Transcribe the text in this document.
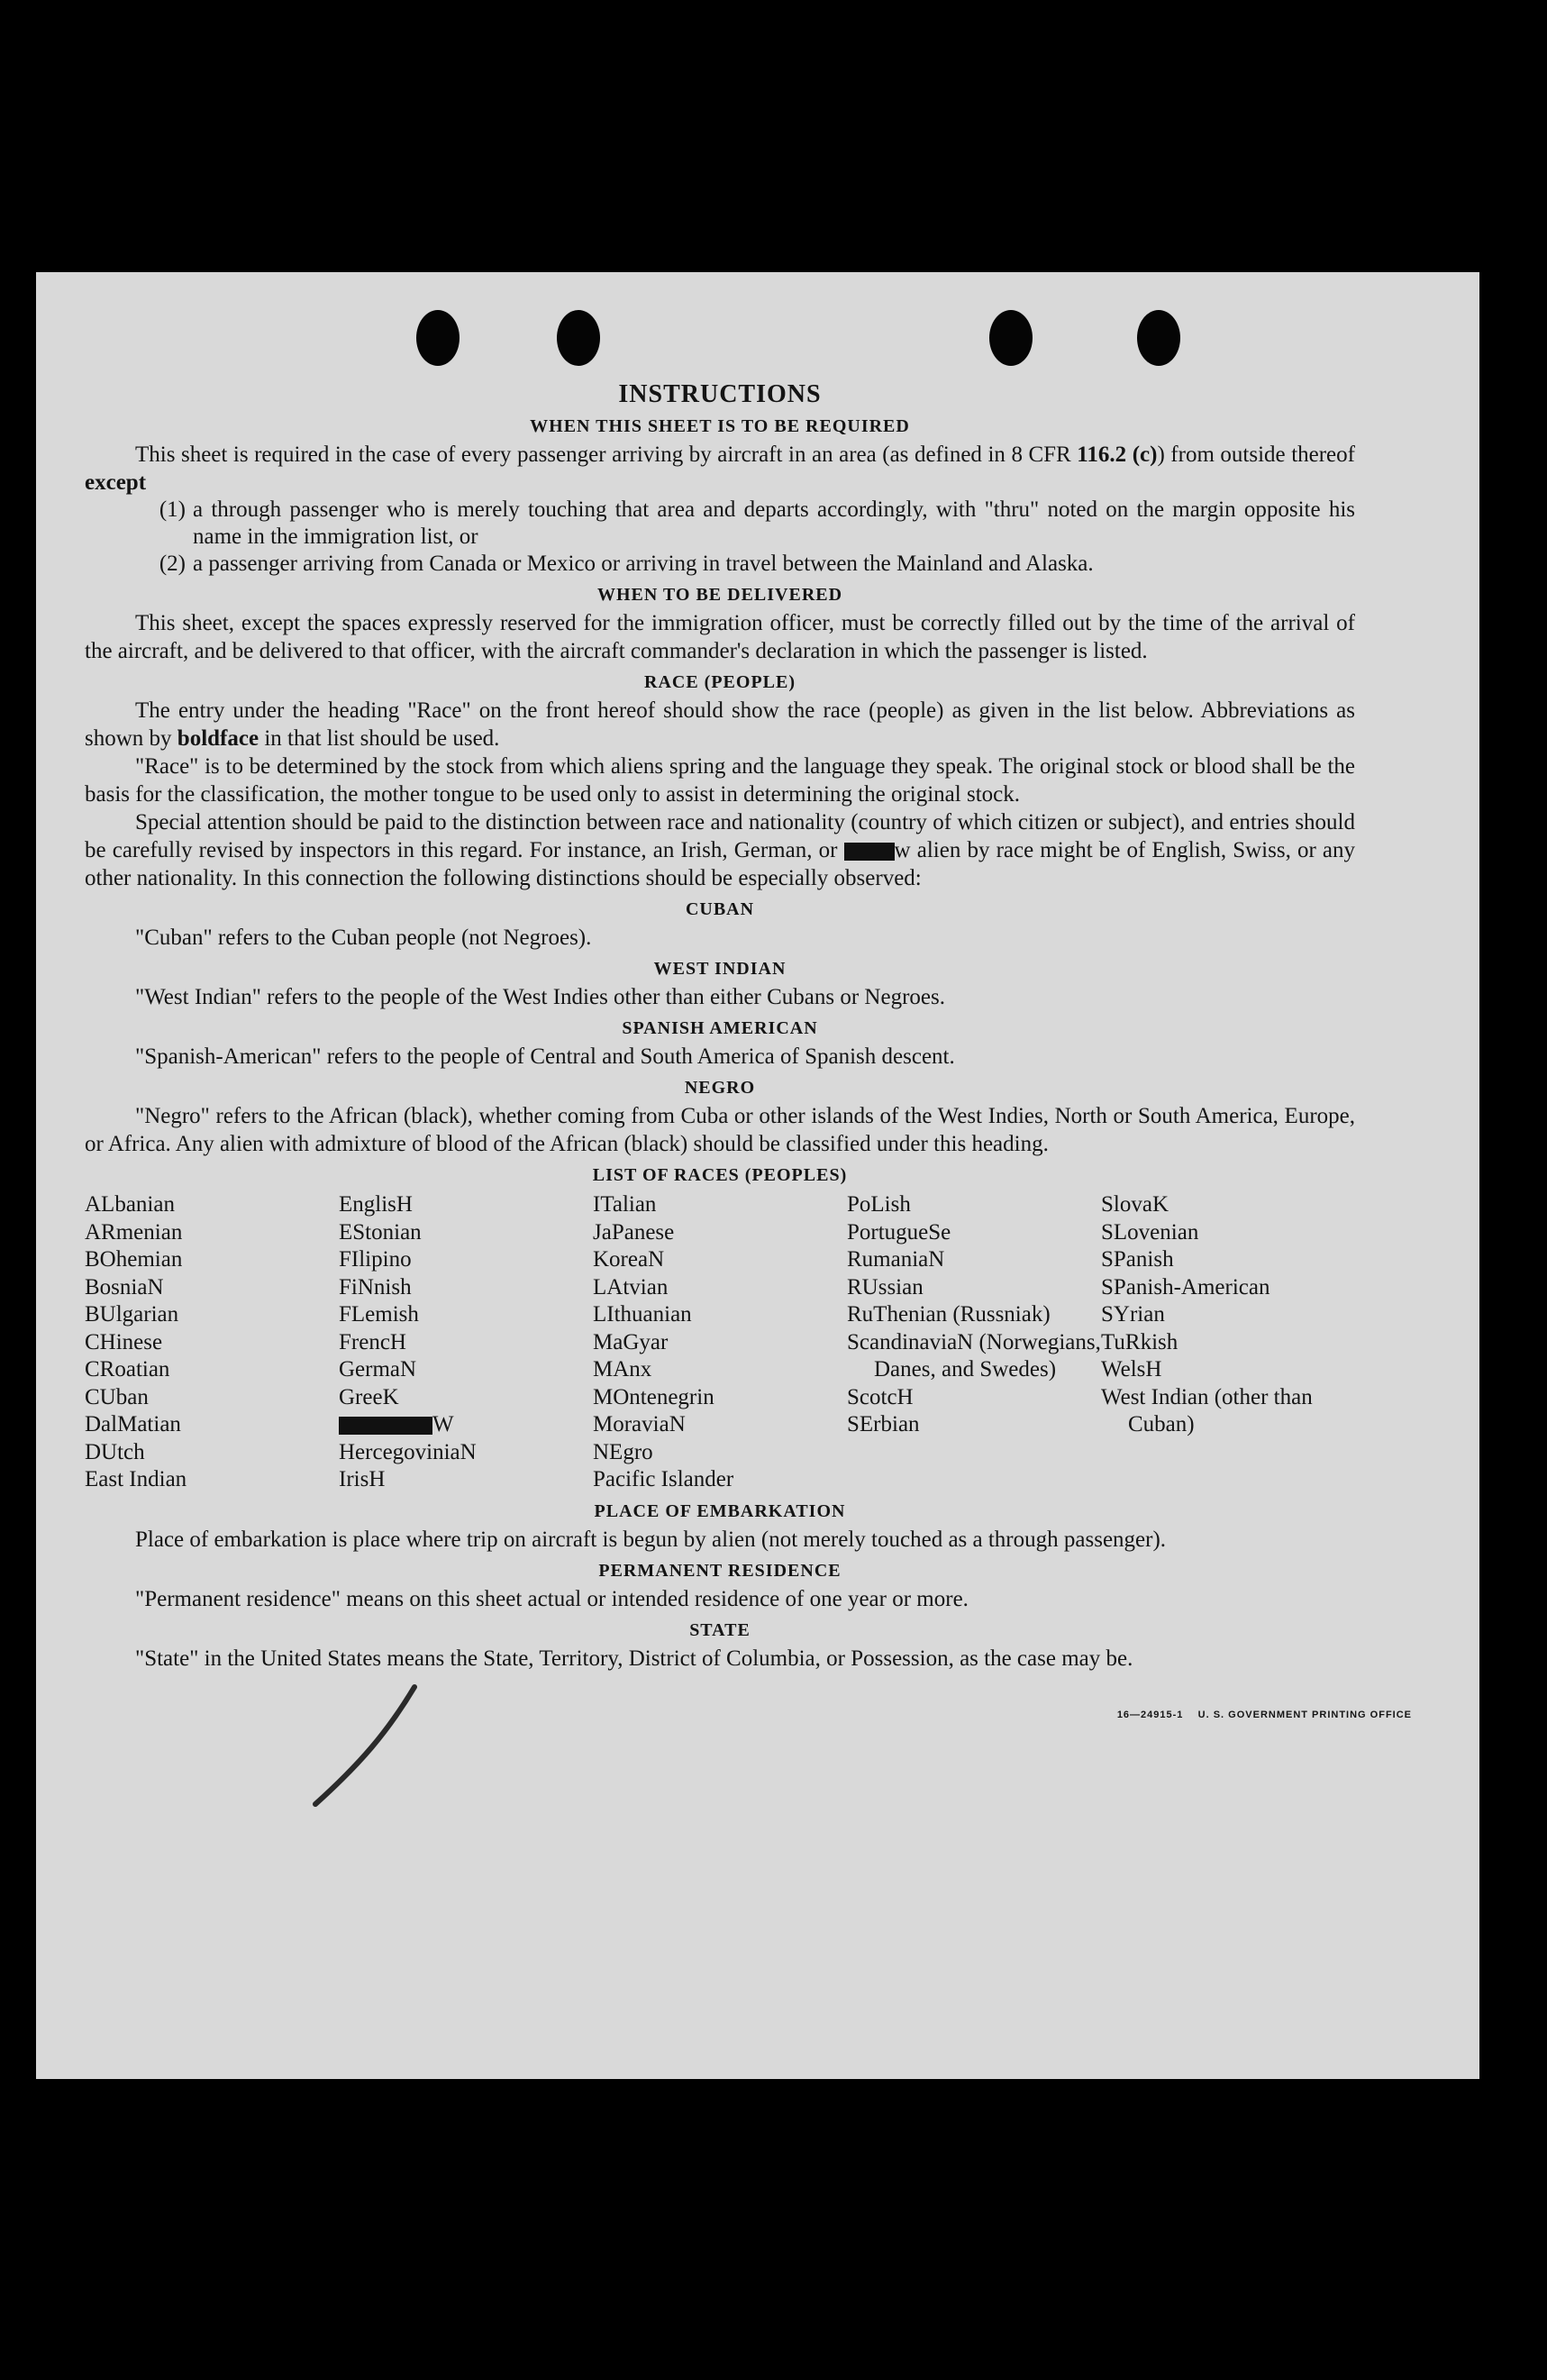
INSTRUCTIONS
WHEN THIS SHEET IS TO BE REQUIRED

This sheet is required in the case of every passenger arriving by aircraft in an area (as defined in 8 CFR 116.2 (c)) from outside thereof except

(1) a through passenger who is merely touching that area and departs accordingly, with "thru" noted on the margin opposite his name in the immigration list, or
(2) a passenger arriving from Canada or Mexico or arriving in travel between the Mainland and Alaska.
WHEN TO BE DELIVERED

This sheet, except the spaces expressly reserved for the immigration officer, must be correctly filled out by the time of the arrival of the aircraft, and be delivered to that officer, with the aircraft commander's declaration in which the passenger is listed.

RACE (PEOPLE)

The entry under the heading "Race" on the front hereof should show the race (people) as given in the list below. Abbreviations as shown by boldface in that list should be used.

"Race" is to be determined by the stock from which aliens spring and the language they speak. The original stock or blood shall be the basis for the classification, the mother tongue to be used only to assist in determining the original stock.

Special attention should be paid to the distinction between race and nationality (country of which citizen or subject), and entries should be carefully revised by inspectors in this regard. For instance, an Irish, German, or	w alien by race might be of English, Swiss, or any other nationality. In this connection the following distinctions should be especially observed:

CUBAN

"Cuban" refers to the Cuban people (not Negroes).

WEST INDIAN

"West Indian" refers to the people of the West Indies other than either Cubans or Negroes.

SPANISH AMERICAN

"Spanish-American" refers to the people of Central and South America of Spanish descent.

NEGRO

"Negro" refers to the African (black), whether coming from Cuba or other islands of the West Indies, North or South America, Europe, or Africa. Any alien with admixture of blood of the African (black) should be classified under this heading.

LIST OF RACES (PEOPLES)
ALbanian
ARmenian
BOhemian
BosniaN
BUlgarian
CHinese
CRoatian
CUban
DalMatian
DUtch
East Indian
EnglisH
EStonian
FIlipino
FiNnish
FLemish
FrencH
GermaN
GreeK
W
HercegoviniaN
IrisH
ITalian
JaPanese
KoreaN
LAtvian
LIthuanian
MaGyar
MAnx
MOntenegrin
MoraviaN
NEgro
Pacific Islander
PoLish
PortugueSe
RumaniaN
RUssian
RuThenian (Russniak)
ScandinaviaN (Norwegians, Danes, and Swedes)
ScotcH
SErbian
SlovaK
SLovenian
SPanish
SPanish-American
SYrian
TuRkish
WelsH
West Indian (other than Cuban)
PLACE OF EMBARKATION

Place of embarkation is place where trip on aircraft is begun by alien (not merely touched as a through passenger).

PERMANENT RESIDENCE

"Permanent residence" means on this sheet actual or intended residence of one year or more.

STATE

"State" in the United States means the State, Territory, District of Columbia, or Possession, as the case may be.

16—24915-1 U. S. GOVERNMENT PRINTING OFFICE
